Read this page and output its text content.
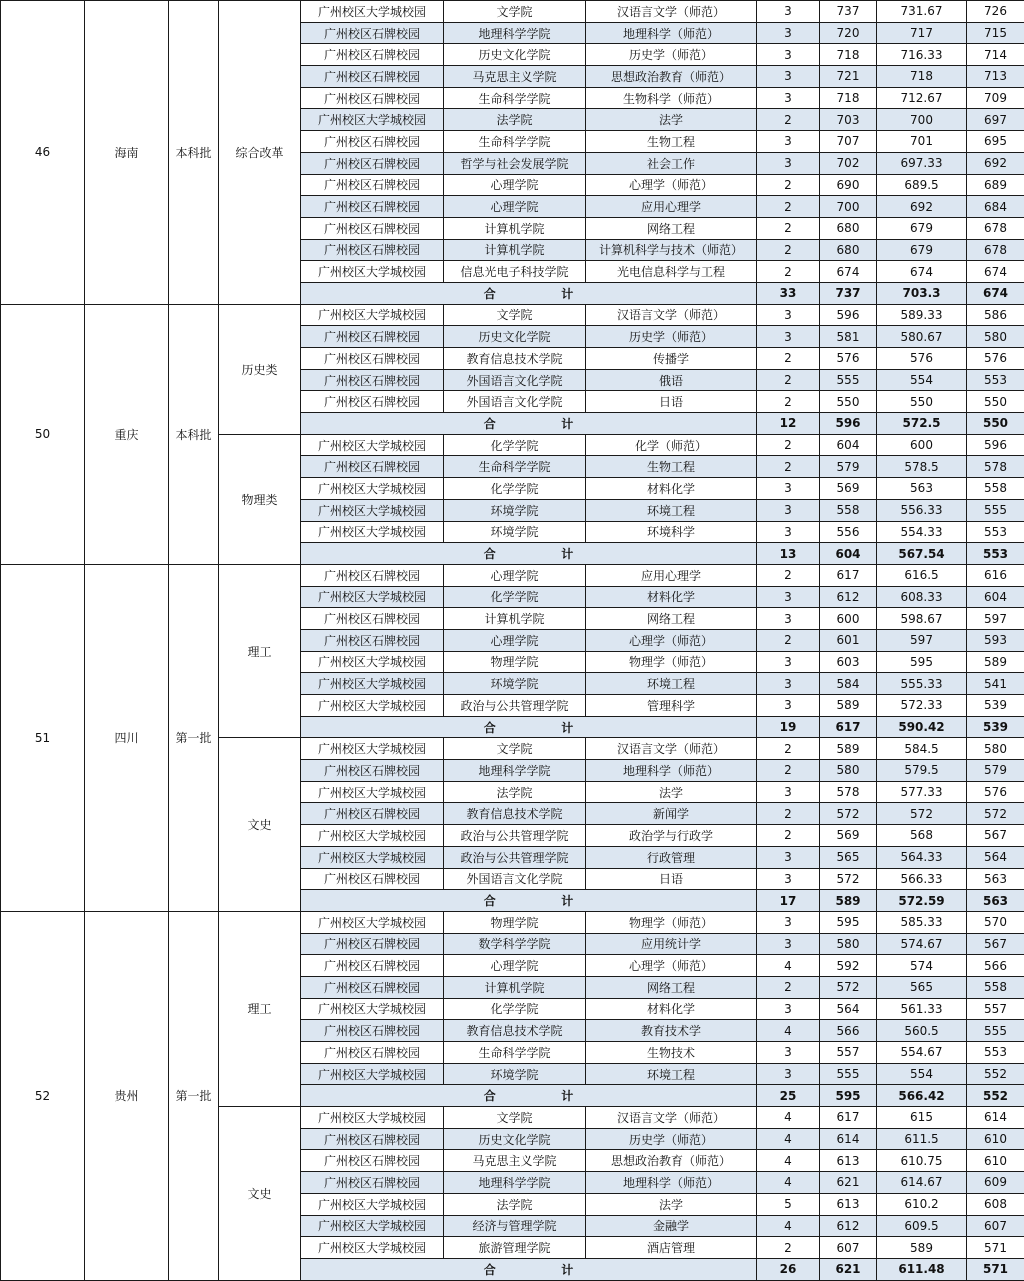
46	海南	本科批	综合改革	广州校区大学城校园	文学院	汉语言文学（师范）	3	737	731.67	726
				广州校区石牌校园	地理科学学院	地理科学（师范）	3	720	717	715
				广州校区石牌校园	历史文化学院	历史学（师范）	3	718	716.33	714
				广州校区石牌校园	马克思主义学院	思想政治教育（师范）	3	721	718	713
				广州校区石牌校园	生命科学学院	生物科学（师范）	3	718	712.67	709
				广州校区大学城校园	法学院	法学	2	703	700	697
				广州校区石牌校园	生命科学学院	生物工程	3	707	701	695
				广州校区石牌校园	哲学与社会发展学院	社会工作	3	702	697.33	692
				广州校区石牌校园	心理学院	心理学（师范）	2	690	689.5	689
				广州校区石牌校园	心理学院	应用心理学	2	700	692	684
				广州校区石牌校园	计算机学院	网络工程	2	680	679	678
				广州校区石牌校园	计算机学院	计算机科学与技术（师范）	2	680	679	678
				广州校区大学城校园	信息光电子科技学院	光电信息科学与工程	2	674	674	674

				合 计			33	737	703.3	674
50	重庆	本科批	历史类	广州校区大学城校园	文学院	汉语言文学（师范）	3	596	589.33	586
				广州校区石牌校园	历史文化学院	历史学（师范）	3	581	580.67	580
				广州校区石牌校园	教育信息技术学院	传播学	2	576	576	576
				广州校区石牌校园	外国语言文化学院	俄语	2	555	554	553
				广州校区石牌校园	外国语言文化学院	日语	2	550	550	550

				合 计			12	596	572.5	550
			物理类	广州校区大学城校园	化学学院	化学（师范）	2	604	600	596
				广州校区石牌校园	生命科学学院	生物工程	2	579	578.5	578
				广州校区大学城校园	化学学院	材料化学	3	569	563	558
				广州校区大学城校园	环境学院	环境工程	3	558	556.33	555
				广州校区大学城校园	环境学院	环境科学	3	556	554.33	553

				合 计			13	604	567.54	553
51	四川	第一批	理工	广州校区石牌校园	心理学院	应用心理学	2	617	616.5	616
				广州校区大学城校园	化学学院	材料化学	3	612	608.33	604
				广州校区石牌校园	计算机学院	网络工程	3	600	598.67	597
				广州校区石牌校园	心理学院	心理学（师范）	2	601	597	593
				广州校区大学城校园	物理学院	物理学（师范）	3	603	595	589
				广州校区大学城校园	环境学院	环境工程	3	584	555.33	541
				广州校区大学城校园	政治与公共管理学院	管理科学	3	589	572.33	539

				合 计			19	617	590.42	539
			文史	广州校区大学城校园	文学院	汉语言文学（师范）	2	589	584.5	580
				广州校区石牌校园	地理科学学院	地理科学（师范）	2	580	579.5	579
				广州校区大学城校园	法学院	法学	3	578	577.33	576
				广州校区石牌校园	教育信息技术学院	新闻学	2	572	572	572
				广州校区大学城校园	政治与公共管理学院	政治学与行政学	2	569	568	567
				广州校区大学城校园	政治与公共管理学院	行政管理	3	565	564.33	564
				广州校区石牌校园	外国语言文化学院	日语	3	572	566.33	563

				合 计			17	589	572.59	563
52	贵州	第一批	理工	广州校区大学城校园	物理学院	物理学（师范）	3	595	585.33	570
				广州校区石牌校园	数学科学学院	应用统计学	3	580	574.67	567
				广州校区石牌校园	心理学院	心理学（师范）	4	592	574	566
				广州校区石牌校园	计算机学院	网络工程	2	572	565	558
				广州校区大学城校园	化学学院	材料化学	3	564	561.33	557
				广州校区石牌校园	教育信息技术学院	教育技术学	4	566	560.5	555
				广州校区石牌校园	生命科学学院	生物技术	3	557	554.67	553
				广州校区大学城校园	环境学院	环境工程	3	555	554	552

				合 计			25	595	566.42	552
			文史	广州校区大学城校园	文学院	汉语言文学（师范）	4	617	615	614
				广州校区石牌校园	历史文化学院	历史学（师范）	4	614	611.5	610
				广州校区石牌校园	马克思主义学院	思想政治教育（师范）	4	613	610.75	610
				广州校区石牌校园	地理科学学院	地理科学（师范）	4	621	614.67	609
				广州校区大学城校园	法学院	法学	5	613	610.2	608
				广州校区大学城校园	经济与管理学院	金融学	4	612	609.5	607
				广州校区大学城校园	旅游管理学院	酒店管理	2	607	589	571

				合 计			26	621	611.48	571
